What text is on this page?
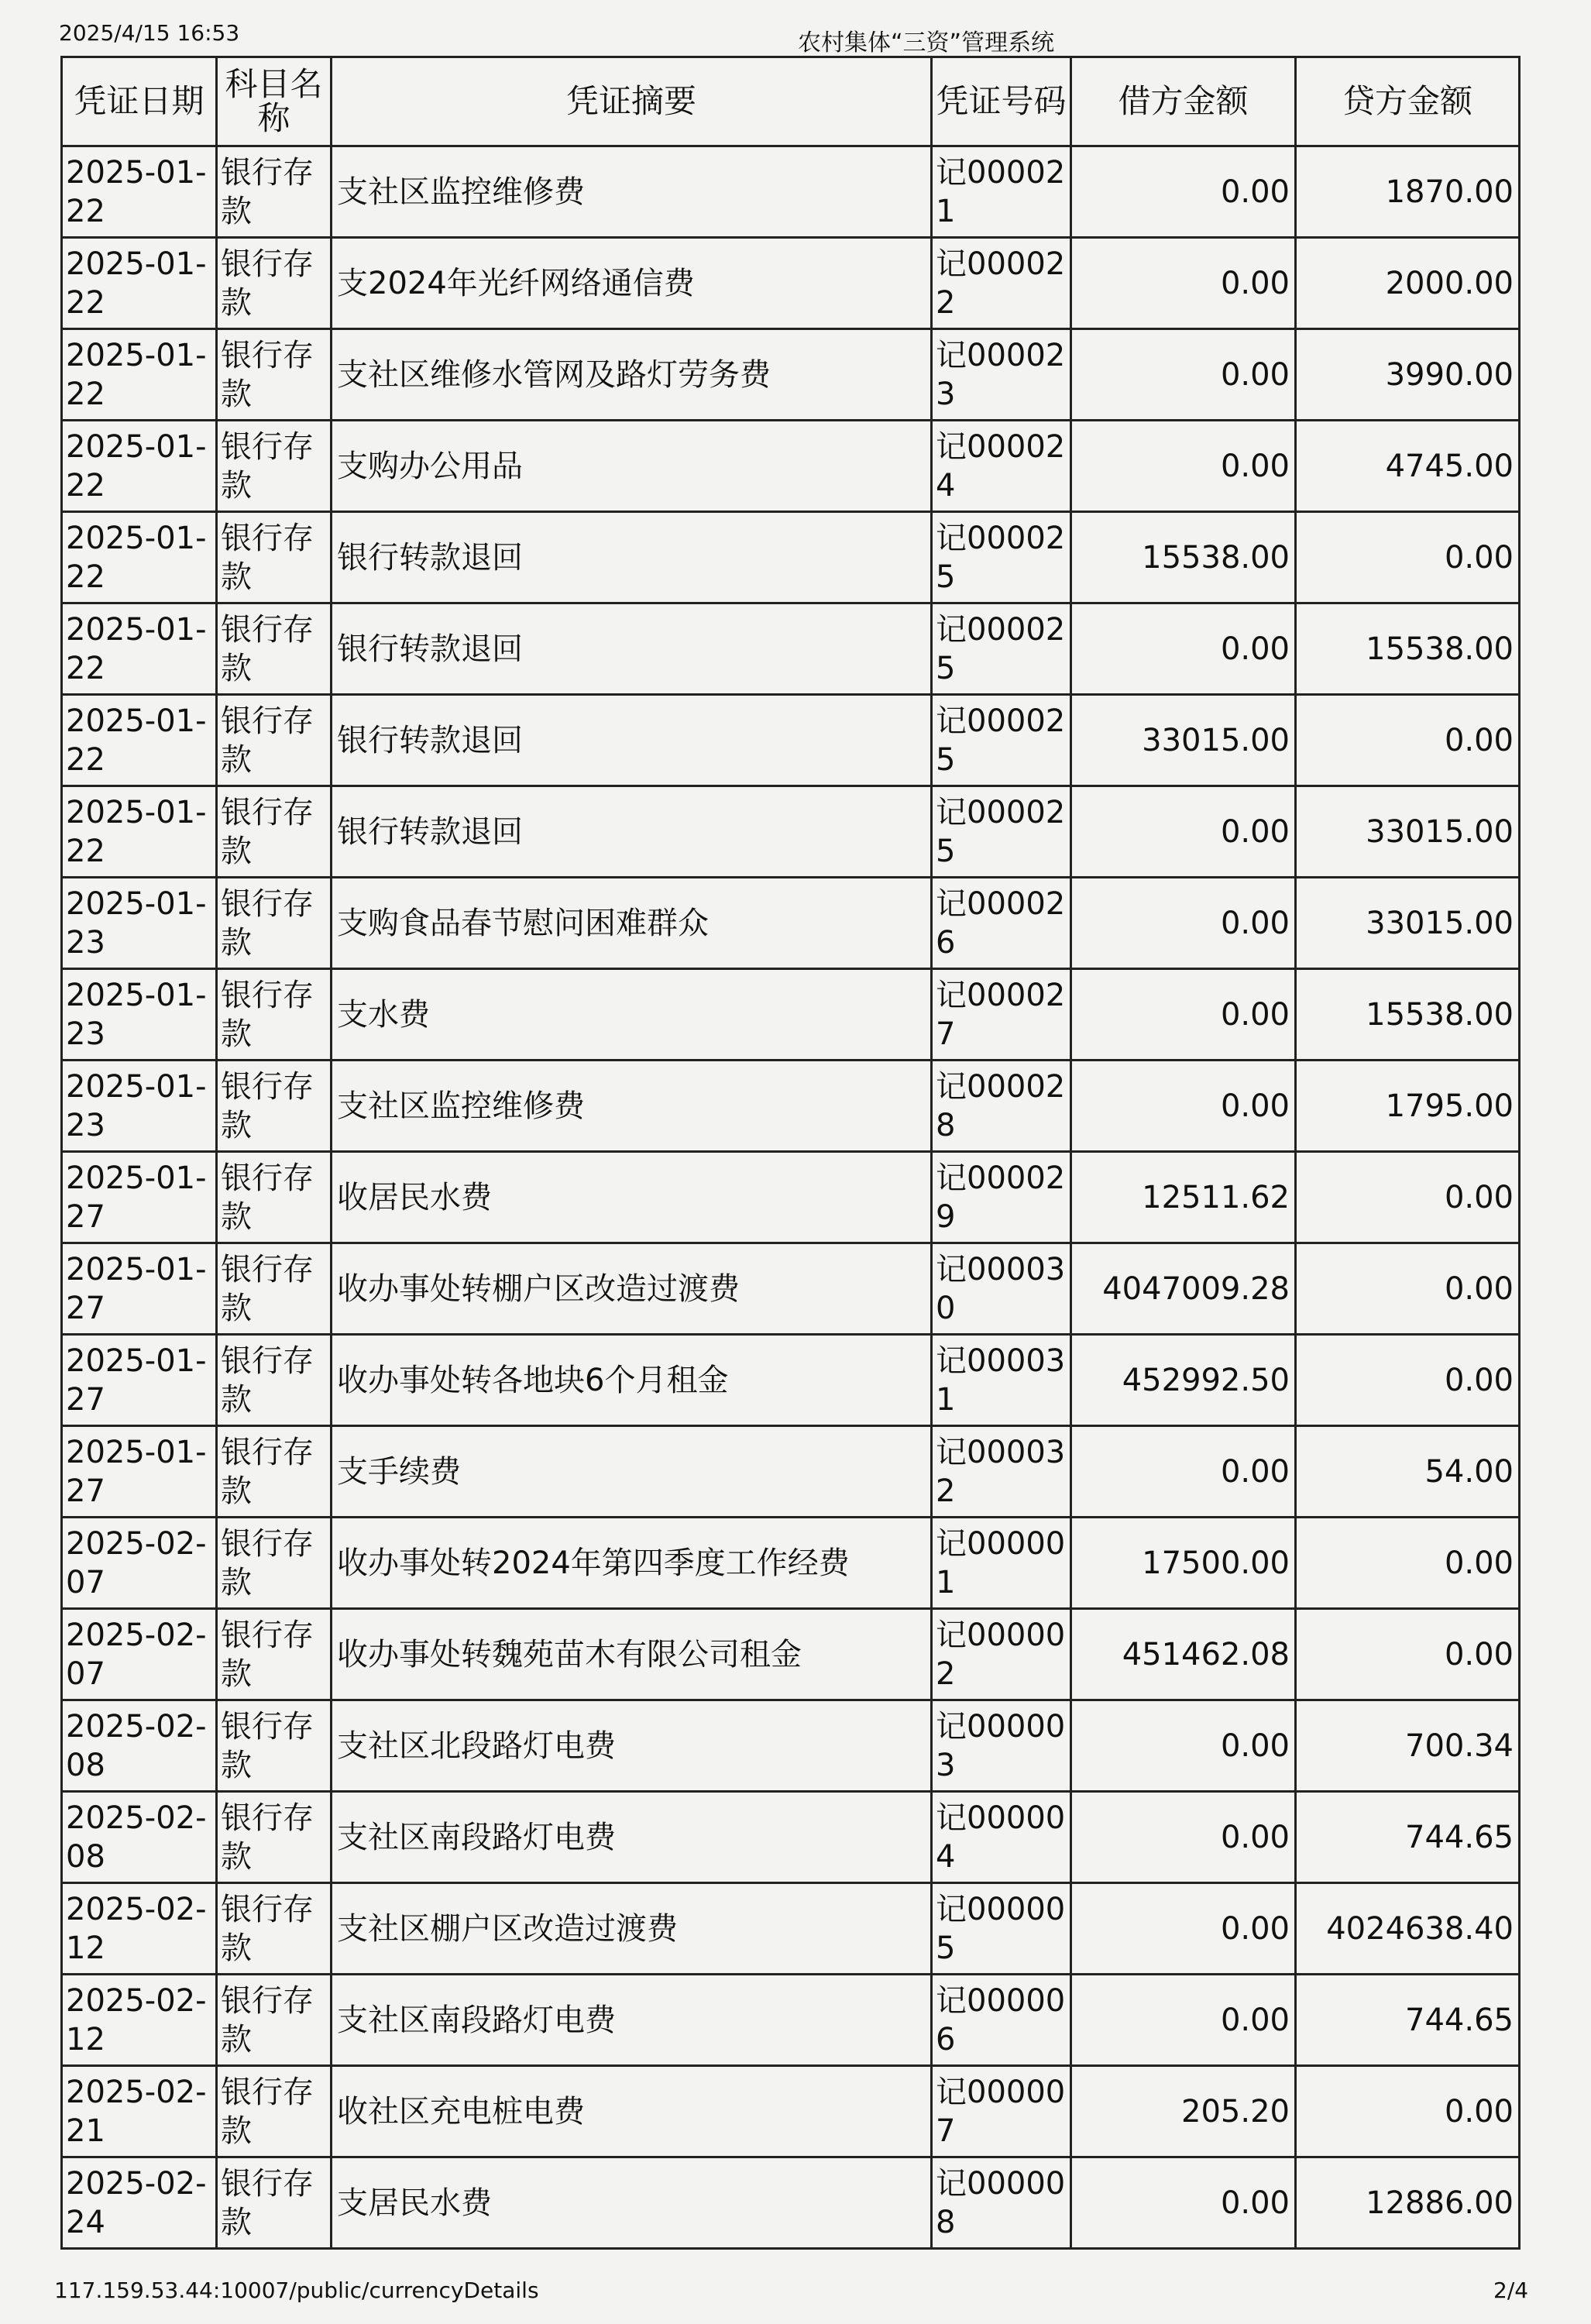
2025/4/15 16:53	农村集体“三资”管理系统
凭证日期	科目名称	凭证摘要	凭证号码	借方金额	贷方金额
2025-01-22	银行存款	支社区监控维修费	记000021	0.00	1870.00
2025-01-22	银行存款	支2024年光纤网络通信费	记000022	0.00	2000.00
2025-01-22	银行存款	支社区维修水管网及路灯劳务费	记000023	0.00	3990.00
2025-01-22	银行存款	支购办公用品	记000024	0.00	4745.00
2025-01-22	银行存款	银行转款退回	记000025	15538.00	0.00
2025-01-22	银行存款	银行转款退回	记000025	0.00	15538.00
2025-01-22	银行存款	银行转款退回	记000025	33015.00	0.00
2025-01-22	银行存款	银行转款退回	记000025	0.00	33015.00
2025-01-23	银行存款	支购食品春节慰问困难群众	记000026	0.00	33015.00
2025-01-23	银行存款	支水费	记000027	0.00	15538.00
2025-01-23	银行存款	支社区监控维修费	记000028	0.00	1795.00
2025-01-27	银行存款	收居民水费	记000029	12511.62	0.00
2025-01-27	银行存款	收办事处转棚户区改造过渡费	记000030	4047009.28	0.00
2025-01-27	银行存款	收办事处转各地块6个月租金	记000031	452992.50	0.00
2025-01-27	银行存款	支手续费	记000032	0.00	54.00
2025-02-07	银行存款	收办事处转2024年第四季度工作经费	记000001	17500.00	0.00
2025-02-07	银行存款	收办事处转魏苑苗木有限公司租金	记000002	451462.08	0.00
2025-02-08	银行存款	支社区北段路灯电费	记000003	0.00	700.34
2025-02-08	银行存款	支社区南段路灯电费	记000004	0.00	744.65
2025-02-12	银行存款	支社区棚户区改造过渡费	记000005	0.00	4024638.40
2025-02-12	银行存款	支社区南段路灯电费	记000006	0.00	744.65
2025-02-21	银行存款	收社区充电桩电费	记000007	205.20	0.00
2025-02-24	银行存款	支居民水费	记000008	0.00	12886.00
117.159.53.44:10007/public/currencyDetails	2/4
